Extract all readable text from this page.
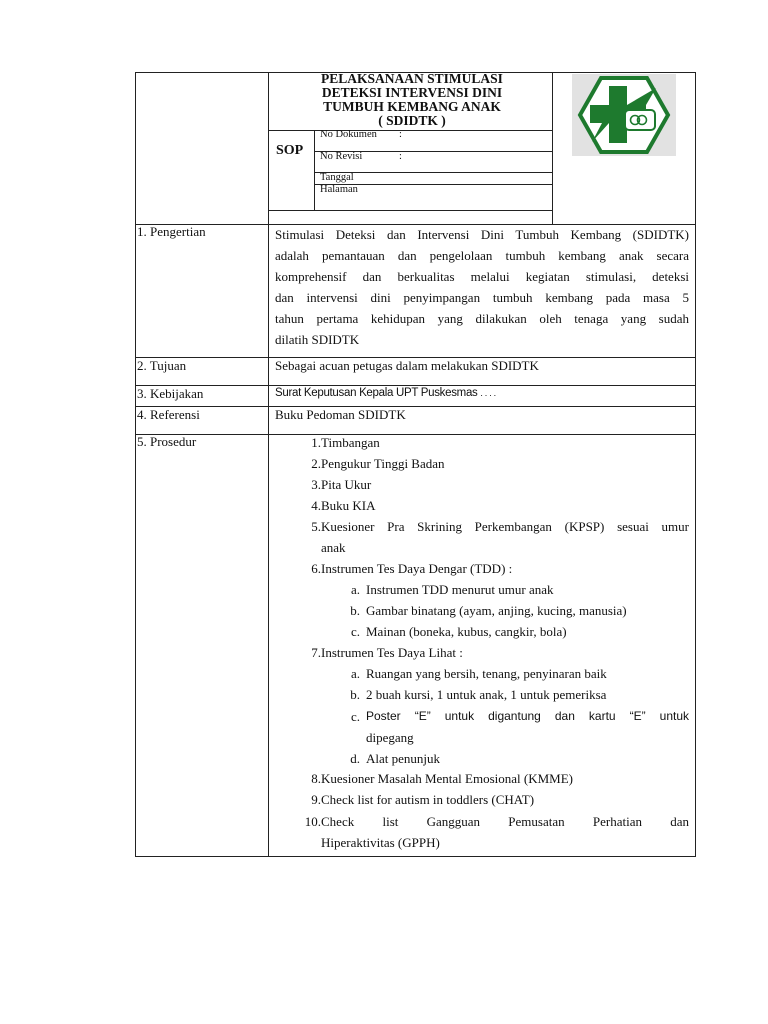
PELAKSANAAN STIMULASI
DETEKSI INTERVENSI DINI
TUMBUH KEMBANG ANAK
( SDIDTK )
SOP
No Dokumen :
No Revisi	:
Tanggal
Halaman
1. Pengertian	Stimulasi Deteksi dan Intervensi Dini Tumbuh Kembang (SDIDTK)
adalah pemantauan dan pengelolaan tumbuh kembang anak secara
komprehensif dan berkualitas melalui kegiatan stimulasi, deteksi
dan intervensi dini penyimpangan tumbuh kembang pada masa 5
tahun pertama kehidupan yang dilakukan oleh tenaga yang sudah
dilatih SDIDTK
2. Tujuan	Sebagai acuan petugas dalam melakukan SDIDTK
3. Kebijakan	Surat Keputusan Kepala UPT Puskesmas . . . .
4. Referensi	Buku Pedoman SDIDTK
5. Prosedur	1. Timbangan
2. Pengukur Tinggi Badan
3. Pita Ukur
4. Buku KIA
5. Kuesioner Pra Skrining Perkembangan (KPSP) sesuai umur
anak
6. Instrumen Tes Daya Dengar (TDD) :
a. Instrumen TDD menurut umur anak
b. Gambar binatang (ayam, anjing, kucing, manusia)
c. Mainan (boneka, kubus, cangkir, bola)
7. Instrumen Tes Daya Lihat :
a. Ruangan yang bersih, tenang, penyinaran baik
b. 2 buah kursi, 1 untuk anak, 1 untuk pemeriksa
c. Poster “E” untuk digantung dan kartu “E” untuk
dipegang
d. Alat penunjuk
8. Kuesioner Masalah Mental Emosional (KMME)
9. Check list for autism in toddlers (CHAT)
10. Check list Gangguan Pemusatan Perhatian dan
Hiperaktivitas (GPPH)
